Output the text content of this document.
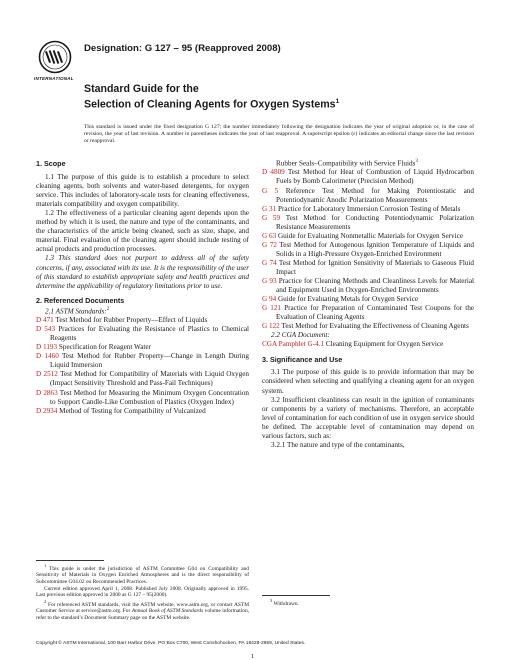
INTERNATIONAL
Designation: G 127 – 95 (Reapproved 2008)
Standard Guide for the
Selection of Cleaning Agents for Oxygen Systems$^1$
This standard is issued under the fixed designation G 127; the number immediately following the designation indicates the year of original adoption or, in the case of revision, the year of last revision. A number in parentheses indicates the year of last reapproval. A superscript epsilon (ε) indicates an editorial change since the last revision or reapproval.
1. Scope
1.1 The purpose of this guide is to establish a procedure to select cleaning agents, both solvents and water-based detergents, for oxygen service. This includes of laboratory-scale tests for cleaning effectiveness, materials compatibility and oxygen compatibility.
1.2 The effectiveness of a particular cleaning agent depends upon the method by which it is used, the nature and type of the contaminants, and the characteristics of the article being cleaned, such as size, shape, and material. Final evaluation of the cleaning agent should include testing of actual products and production processes.
1.3 This standard does not purport to address all of the safety concerns, if any, associated with its use. It is the responsibility of the user of this standard to establish appropriate safety and health practices and determine the applicability of regulatory limitations prior to use.
2. Referenced Documents
2.1 ASTM Standards:$^2$
D 471 Test Method for Rubber Property—Effect of Liquids
D 543 Practices for Evaluating the Resistance of Plastics to Chemical Reagents
D 1193 Specification for Reagent Water
D 1460 Test Method for Rubber Property—Change in Length During Liquid Immersion
D 2512 Test Method for Compatibility of Materials with Liquid Oxygen (Impact Sensitivity Threshold and Pass-Fail Techniques)
D 2863 Test Method for Measuring the Minimum Oxygen Concentration to Support Candle-Like Combustion of Plastics (Oxygen Index)
D 2934 Method of Testing for Compatibility of Vulcanized
$^1$ This guide is under the jurisdiction of ASTM Committee G04 on Compatibility and Sensitivity of Materials in Oxygen Enriched Atmospheres and is the direct responsibility of Subcommittee G04.02 on Recommended Practices.
Current edition approved April 1, 2008. Published July 2008. Originally approved in 1995. Last previous edition approved in 2000 as G 127 – 95(2000).
$^2$ For referenced ASTM standards, visit the ASTM website, www.astm.org, or contact ASTM Customer Service at service@astm.org. For Annual Book of ASTM Standards volume information, refer to the standard’s Document Summary page on the ASTM website.
Rubber Seals–Compatibility with Service Fluids$^3$
D 4809 Test Method for Heat of Combustion of Liquid Hydrocarbon Fuels by Bomb Calorimeter (Precision Method)
G 5 Reference Test Method for Making Potentiostatic and Potentiodynamic Anodic Polarization Measurements
G 31 Practice for Laboratory Immersion Corrosion Testing of Metals
G 59 Test Method for Conducting Potentiodynamic Polarization Resistance Measurements
G 63 Guide for Evaluating Nonmetallic Materials for Oxygen Service
G 72 Test Method for Autogenous Ignition Temperature of Liquids and Solids in a High-Pressure Oxygen-Enriched Environment
G 74 Test Method for Ignition Sensitivity of Materials to Gaseous Fluid Impact
G 93 Practice for Cleaning Methods and Cleanliness Levels for Material and Equipment Used in Oxygen-Enriched Environments
G 94 Guide for Evaluating Metals for Oxygen Service
G 121 Practice for Preparation of Contaminated Test Coupons for the Evaluation of Cleaning Agents
G 122 Test Method for Evaluating the Effectiveness of Cleaning Agents
2.2 CGA Document:
CGA Pamphlet G-4.1 Cleaning Equipment for Oxygen Service
3. Significance and Use
3.1 The purpose of this guide is to provide information that may be considered when selecting and qualifying a cleaning agent for an oxygen system.
3.2 Insufficient cleanliness can result in the ignition of contaminants or components by a variety of mechanisms. Therefore, an acceptable level of contamination for each condition of use in oxygen service should be defined. The acceptable level of contamination may depend on various factors, such as:
3.2.1 The nature and type of the contaminants,
$^3$ Withdrawn.
Copyright © ASTM International, 100 Barr Harbor Drive, PO Box C700, West Conshohocken, PA 19428-2959, United States.
1
